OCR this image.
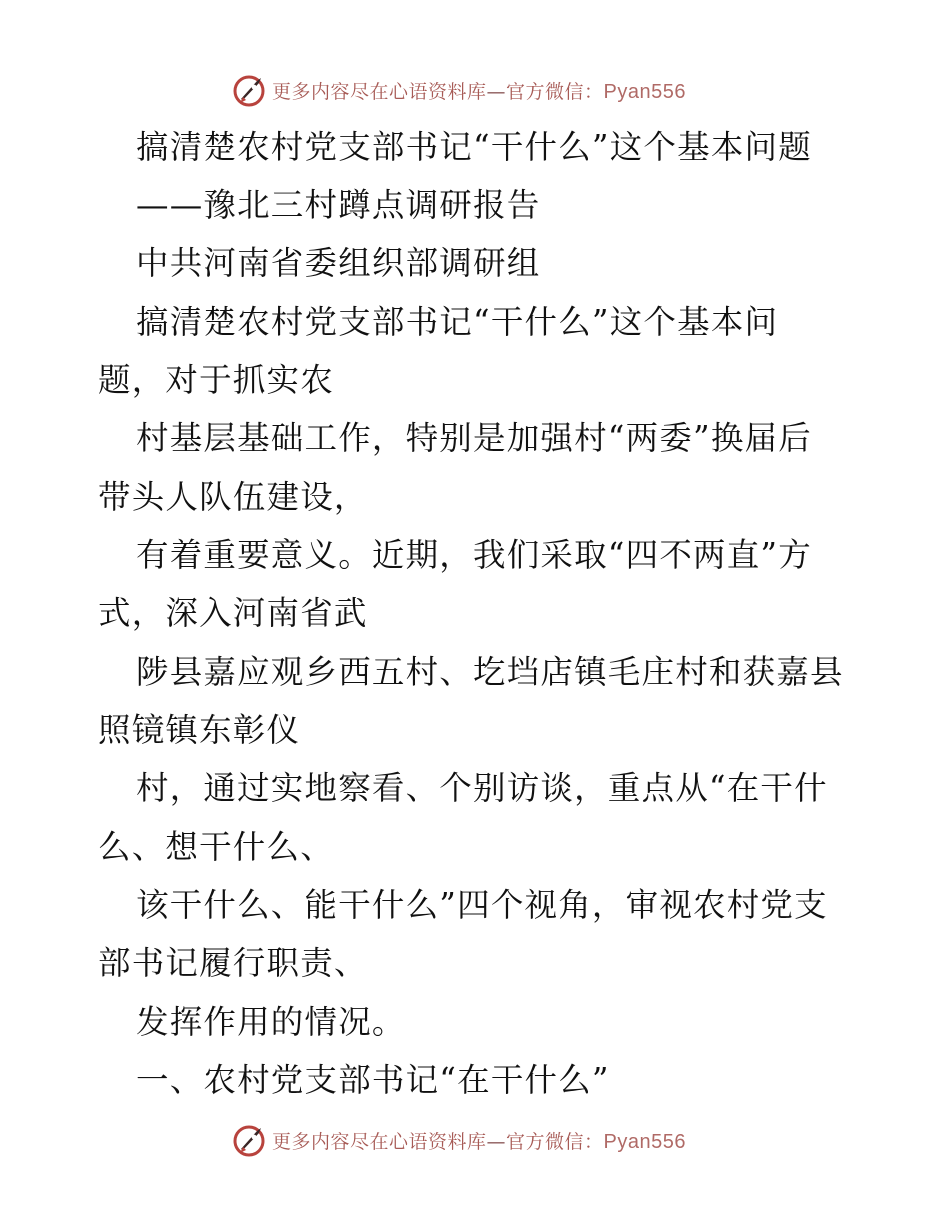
更多内容尽在心语资料库—官方微信：Pyan556
搞清楚农村党支部书记“干什么”这个基本问题
——豫北三村蹲点调研报告
中共河南省委组织部调研组
搞清楚农村党支部书记“干什么”这个基本问
题，对于抓实农
村基层基础工作，特别是加强村“两委”换届后
带头人队伍建设，
有着重要意义。近期，我们采取“四不两直”方
式，深入河南省武
陟县嘉应观乡西五村、圪垱店镇毛庄村和获嘉县
照镜镇东彰仪
村，通过实地察看、个别访谈，重点从“在干什
么、想干什么、
该干什么、能干什么”四个视角，审视农村党支
部书记履行职责、
发挥作用的情况。
一、农村党支部书记“在干什么”
更多内容尽在心语资料库—官方微信：Pyan556
